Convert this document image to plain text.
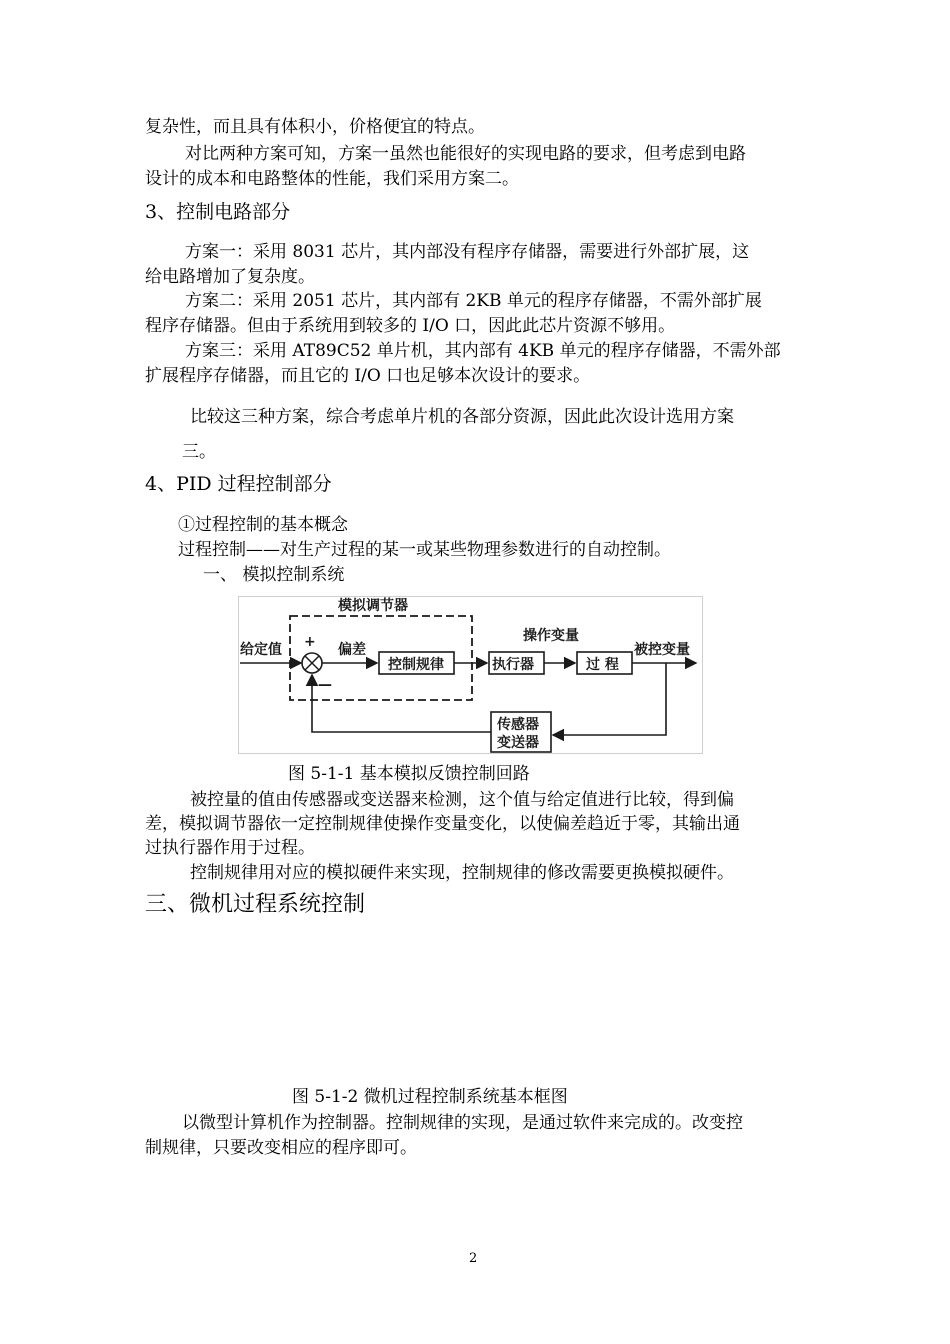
复杂性，而且具有体积小，价格便宜的特点。
对比两种方案可知，方案一虽然也能很好的实现电路的要求，但考虑到电路
设计的成本和电路整体的性能，我们采用方案二。
3、控制电路部分
方案一：采用 8031 芯片，其内部没有程序存储器，需要进行外部扩展，这
给电路增加了复杂度。
方案二：采用 2051 芯片，其内部有 2KB 单元的程序存储器，不需外部扩展
程序存储器。但由于系统用到较多的 I/O 口，因此此芯片资源不够用。
方案三：采用 AT89C52 单片机，其内部有 4KB 单元的程序存储器，不需外部
扩展程序存储器，而且它的 I/O 口也足够本次设计的要求。
比较这三种方案，综合考虑单片机的各部分资源，因此此次设计选用方案
三。
4、PID 过程控制部分
①过程控制的基本概念
过程控制——对生产过程的某一或某些物理参数进行的自动控制。
一、 模拟控制系统
模拟调节器
给定值 +
—
偏差
控制规律	执行器
操作变量
过 程
被控变量
传感器
变送器
图 5-1-1 基本模拟反馈控制回路
被控量的值由传感器或变送器来检测，这个值与给定值进行比较，得到偏
差，模拟调节器依一定控制规律使操作变量变化，以使偏差趋近于零，其输出通
过执行器作用于过程。
控制规律用对应的模拟硬件来实现，控制规律的修改需要更换模拟硬件。
三、微机过程系统控制
图 5-1-2 微机过程控制系统基本框图
以微型计算机作为控制器。控制规律的实现，是通过软件来完成的。改变控
制规律，只要改变相应的程序即可。
2
